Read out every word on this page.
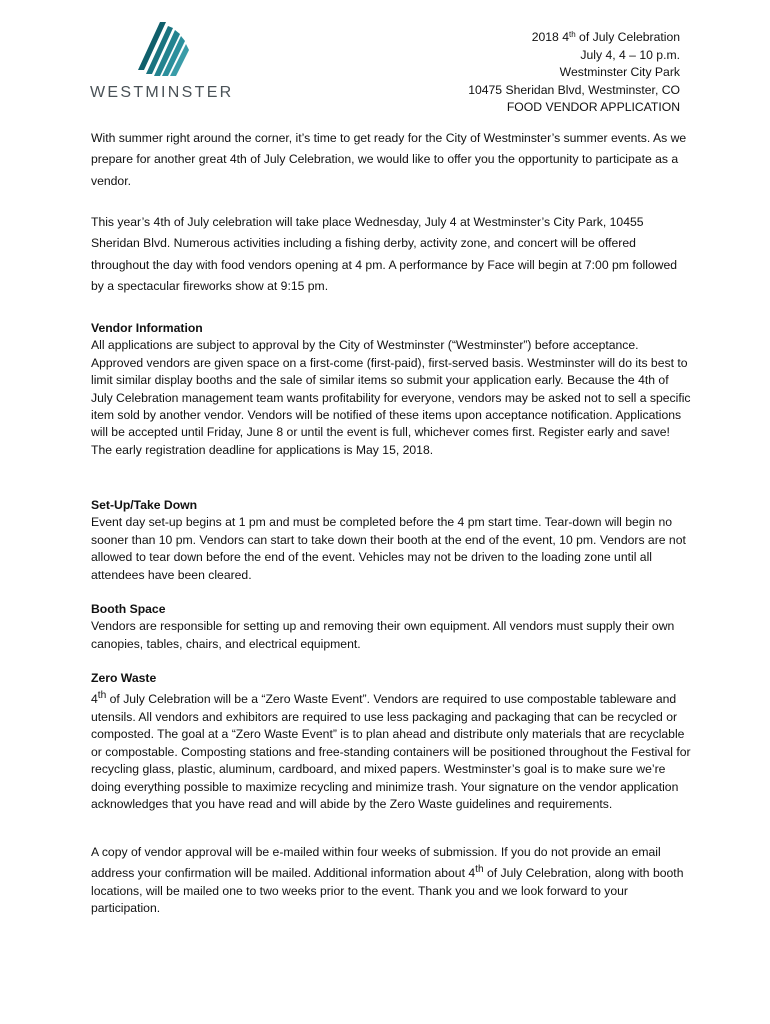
WESTMINSTER
2018 4th of July Celebration
July 4, 4 – 10 p.m.
Westminster City Park
10475 Sheridan Blvd, Westminster, CO
FOOD VENDOR APPLICATION

With summer right around the corner, it’s time to get ready for the City of Westminster’s summer events. As we prepare for another great 4th of July Celebration, we would like to offer you the opportunity to participate as a vendor.

This year’s 4th of July celebration will take place Wednesday, July 4 at Westminster’s City Park, 10455 Sheridan Blvd. Numerous activities including a fishing derby, activity zone, and concert will be offered throughout the day with food vendors opening at 4 pm. A performance by Face will begin at 7:00 pm followed by a spectacular fireworks show at 9:15 pm.

Vendor Information

All applications are subject to approval by the City of Westminster (“Westminster”) before acceptance. Approved vendors are given space on a first-come (first-paid), first-served basis. Westminster will do its best to limit similar display booths and the sale of similar items so submit your application early. Because the 4th of July Celebration management team wants profitability for everyone, vendors may be asked not to sell a specific item sold by another vendor. Vendors will be notified of these items upon acceptance notification. Applications will be accepted until Friday, June 8 or until the event is full, whichever comes first. Register early and save! The early registration deadline for applications is May 15, 2018.

Set-Up/Take Down

Event day set-up begins at 1 pm and must be completed before the 4 pm start time. Tear-down will begin no sooner than 10 pm. Vendors can start to take down their booth at the end of the event, 10 pm. Vendors are not allowed to tear down before the end of the event. Vehicles may not be driven to the loading zone until all attendees have been cleared.

Booth Space

Vendors are responsible for setting up and removing their own equipment. All vendors must supply their own canopies, tables, chairs, and electrical equipment.

Zero Waste

4th of July Celebration will be a “Zero Waste Event”. Vendors are required to use compostable tableware and utensils. All vendors and exhibitors are required to use less packaging and packaging that can be recycled or composted. The goal at a “Zero Waste Event” is to plan ahead and distribute only materials that are recyclable or compostable. Composting stations and free-standing containers will be positioned throughout the Festival for recycling glass, plastic, aluminum, cardboard, and mixed papers. Westminster’s goal is to make sure we’re doing everything possible to maximize recycling and minimize trash. Your signature on the vendor application acknowledges that you have read and will abide by the Zero Waste guidelines and requirements.

A copy of vendor approval will be e-mailed within four weeks of submission. If you do not provide an email address your confirmation will be mailed. Additional information about 4th of July Celebration, along with booth locations, will be mailed one to two weeks prior to the event. Thank you and we look forward to your participation.
